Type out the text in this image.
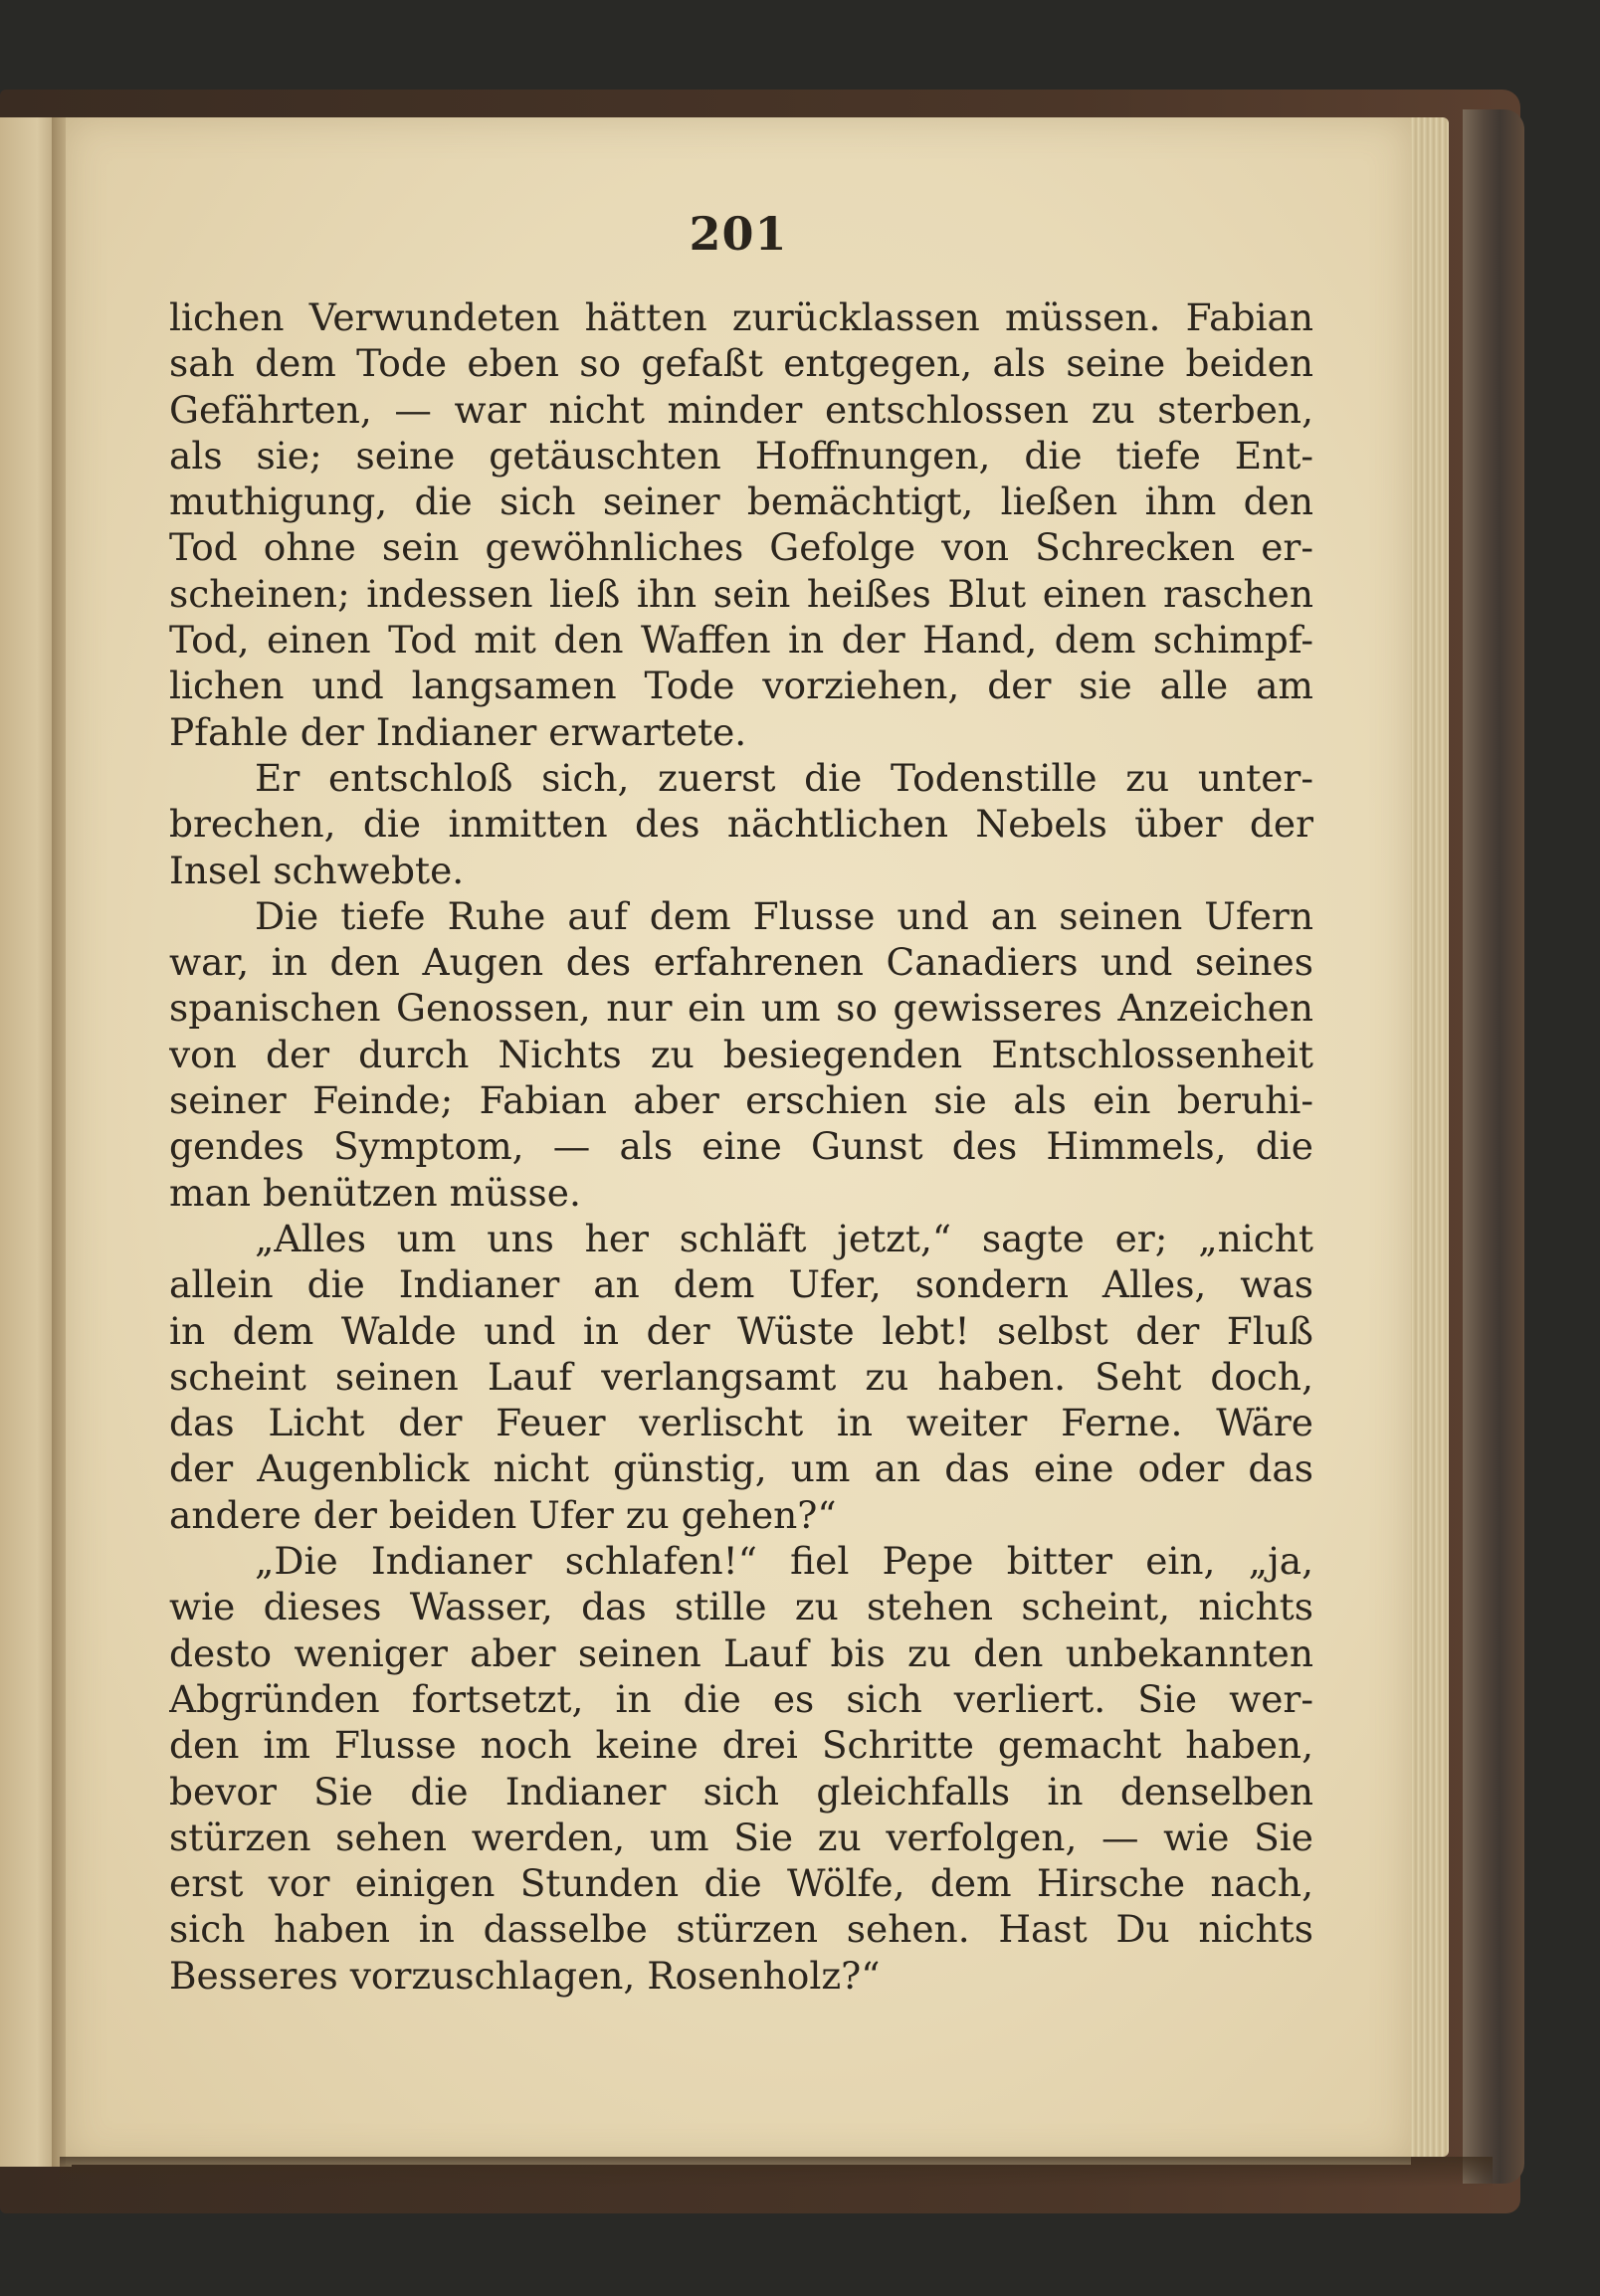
201
lichen Verwundeten hätten zurücklassen müssen. Fabian
sah dem Tode eben so gefaßt entgegen, als seine beiden
Gefährten, — war nicht minder entschlossen zu sterben,
als sie; seine getäuschten Hoffnungen, die tiefe Ent-
muthigung, die sich seiner bemächtigt, ließen ihm den
Tod ohne sein gewöhnliches Gefolge von Schrecken er-
scheinen; indessen ließ ihn sein heißes Blut einen raschen
Tod, einen Tod mit den Waffen in der Hand, dem schimpf-
lichen und langsamen Tode vorziehen, der sie alle am
Pfahle der Indianer erwartete.
Er entschloß sich, zuerst die Todenstille zu unter-
brechen, die inmitten des nächtlichen Nebels über der
Insel schwebte.
Die tiefe Ruhe auf dem Flusse und an seinen Ufern
war, in den Augen des erfahrenen Canadiers und seines
spanischen Genossen, nur ein um so gewisseres Anzeichen
von der durch Nichts zu besiegenden Entschlossenheit
seiner Feinde; Fabian aber erschien sie als ein beruhi-
gendes Symptom, — als eine Gunst des Himmels, die
man benützen müsse.
„Alles um uns her schläft jetzt,“ sagte er; „nicht
allein die Indianer an dem Ufer, sondern Alles, was
in dem Walde und in der Wüste lebt! selbst der Fluß
scheint seinen Lauf verlangsamt zu haben. Seht doch,
das Licht der Feuer verlischt in weiter Ferne. Wäre
der Augenblick nicht günstig, um an das eine oder das
andere der beiden Ufer zu gehen?“
„Die Indianer schlafen!“ fiel Pepe bitter ein, „ja,
wie dieses Wasser, das stille zu stehen scheint, nichts
desto weniger aber seinen Lauf bis zu den unbekannten
Abgründen fortsetzt, in die es sich verliert. Sie wer-
den im Flusse noch keine drei Schritte gemacht haben,
bevor Sie die Indianer sich gleichfalls in denselben
stürzen sehen werden, um Sie zu verfolgen, — wie Sie
erst vor einigen Stunden die Wölfe, dem Hirsche nach,
sich haben in dasselbe stürzen sehen. Hast Du nichts
Besseres vorzuschlagen, Rosenholz?“
